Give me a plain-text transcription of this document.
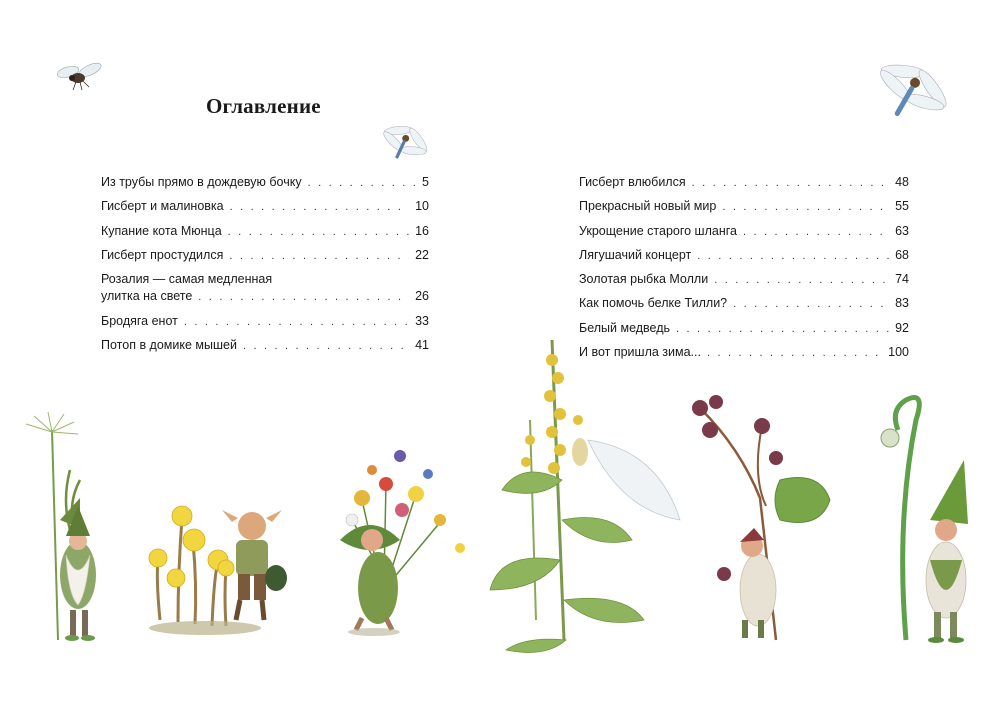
Оглавление
Из трубы прямо в дождевую бочку . . .	5
Гисберт и малиновка . . .	10
Купание кота Мюнца . . .	16
Гисберт простудился . . .	22
Розалия — самая медленная
улитка на свете . . .	26
Бродяга енот . . .	33
Потоп в домике мышей . . .	41
Гисберт влюбился . . .	48
Прекрасный новый мир . . .	55
Укрощение старого шланга . . .	63
Лягушачий концерт . . .	68
Золотая рыбка Молли . . .	74
Как помочь белке Тилли? . . .	83
Белый медведь . . .	92
И вот пришла зима... . . .	100
